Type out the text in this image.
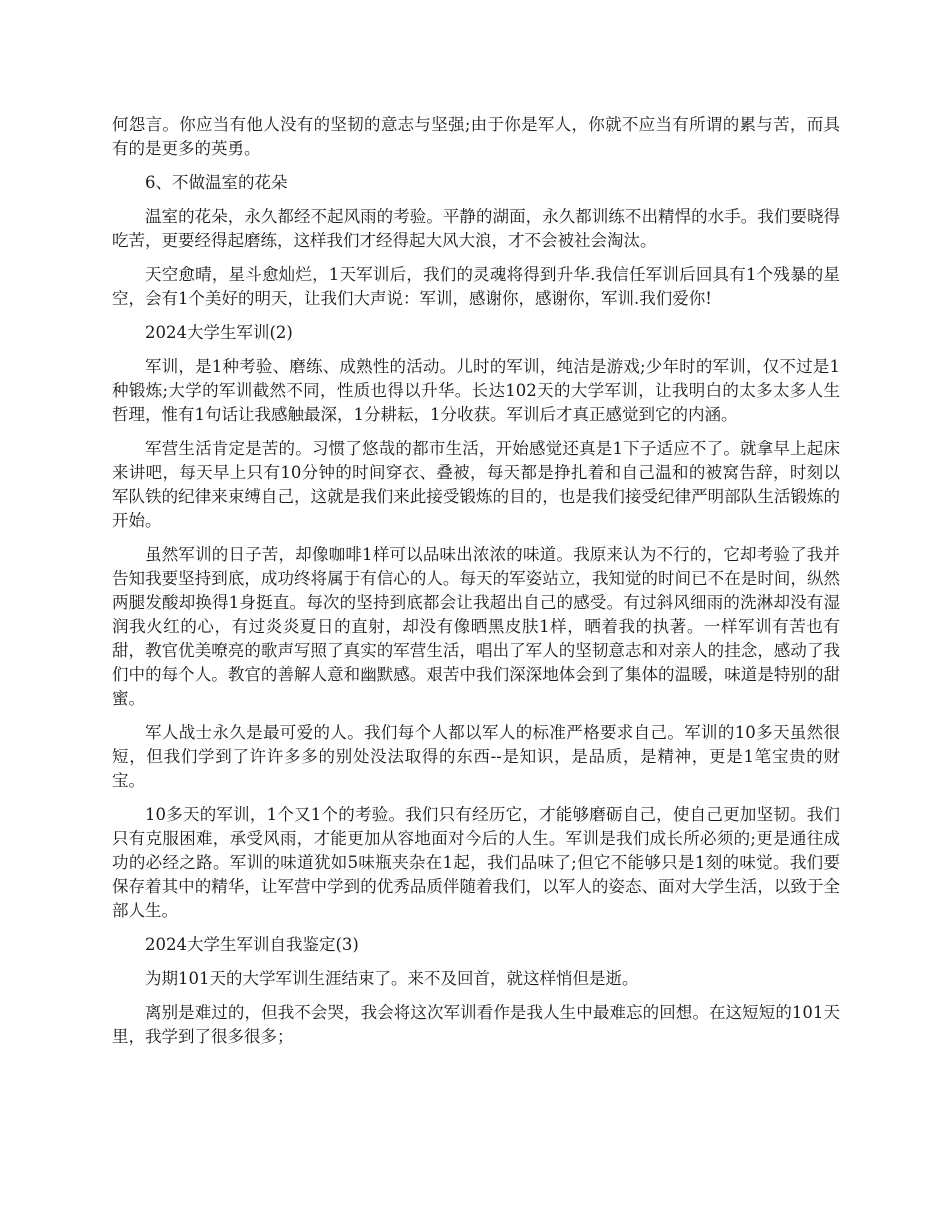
何怨言。你应当有他人没有的坚韧的意志与坚强;由于你是军人，你就不应当有所谓的累与苦，而具有的是更多的英勇。

6、不做温室的花朵

温室的花朵，永久都经不起风雨的考验。平静的湖面，永久都训练不出精悍的水手。我们要晓得吃苦，更要经得起磨练，这样我们才经得起大风大浪，才不会被社会淘汰。

天空愈晴，星斗愈灿烂，1天军训后，我们的灵魂将得到升华.我信任军训后回具有1个残暴的星空，会有1个美好的明天，让我们大声说：军训，感谢你，感谢你，军训.我们爱你!

2024大学生军训(2)

军训，是1种考验、磨练、成熟性的活动。儿时的军训，纯洁是游戏;少年时的军训，仅不过是1种锻炼;大学的军训截然不同，性质也得以升华。长达102天的大学军训，让我明白的太多太多人生哲理，惟有1句话让我感触最深，1分耕耘，1分收获。军训后才真正感觉到它的内涵。

军营生活肯定是苦的。习惯了悠哉的都市生活，开始感觉还真是1下子适应不了。就拿早上起床来讲吧，每天早上只有10分钟的时间穿衣、叠被，每天都是挣扎着和自己温和的被窝告辞，时刻以军队铁的纪律来束缚自己，这就是我们来此接受锻炼的目的，也是我们接受纪律严明部队生活锻炼的开始。

虽然军训的日子苦，却像咖啡1样可以品味出浓浓的味道。我原来认为不行的，它却考验了我并告知我要坚持到底，成功终将属于有信心的人。每天的军姿站立，我知觉的时间已不在是时间，纵然两腿发酸却换得1身挺直。每次的坚持到底都会让我超出自己的感受。有过斜风细雨的洗淋却没有湿润我火红的心，有过炎炎夏日的直射，却没有像晒黑皮肤1样，晒着我的执著。一样军训有苦也有甜，教官优美嘹亮的歌声写照了真实的军营生活，唱出了军人的坚韧意志和对亲人的挂念，感动了我们中的每个人。教官的善解人意和幽默感。艰苦中我们深深地体会到了集体的温暖，味道是特别的甜蜜。

军人战士永久是最可爱的人。我们每个人都以军人的标准严格要求自己。军训的10多天虽然很短，但我们学到了许许多多的别处没法取得的东西--是知识，是品质，是精神，更是1笔宝贵的财宝。

10多天的军训，1个又1个的考验。我们只有经历它，才能够磨砺自己，使自己更加坚韧。我们只有克服困难，承受风雨，才能更加从容地面对今后的人生。军训是我们成长所必须的;更是通往成功的必经之路。军训的味道犹如5味瓶夹杂在1起，我们品味了;但它不能够只是1刻的味觉。我们要保存着其中的精华，让军营中学到的优秀品质伴随着我们，以军人的姿态、面对大学生活，以致于全部人生。

2024大学生军训自我鉴定(3)

为期101天的大学军训生涯结束了。来不及回首，就这样悄但是逝。

离别是难过的，但我不会哭，我会将这次军训看作是我人生中最难忘的回想。在这短短的101天里，我学到了很多很多；
